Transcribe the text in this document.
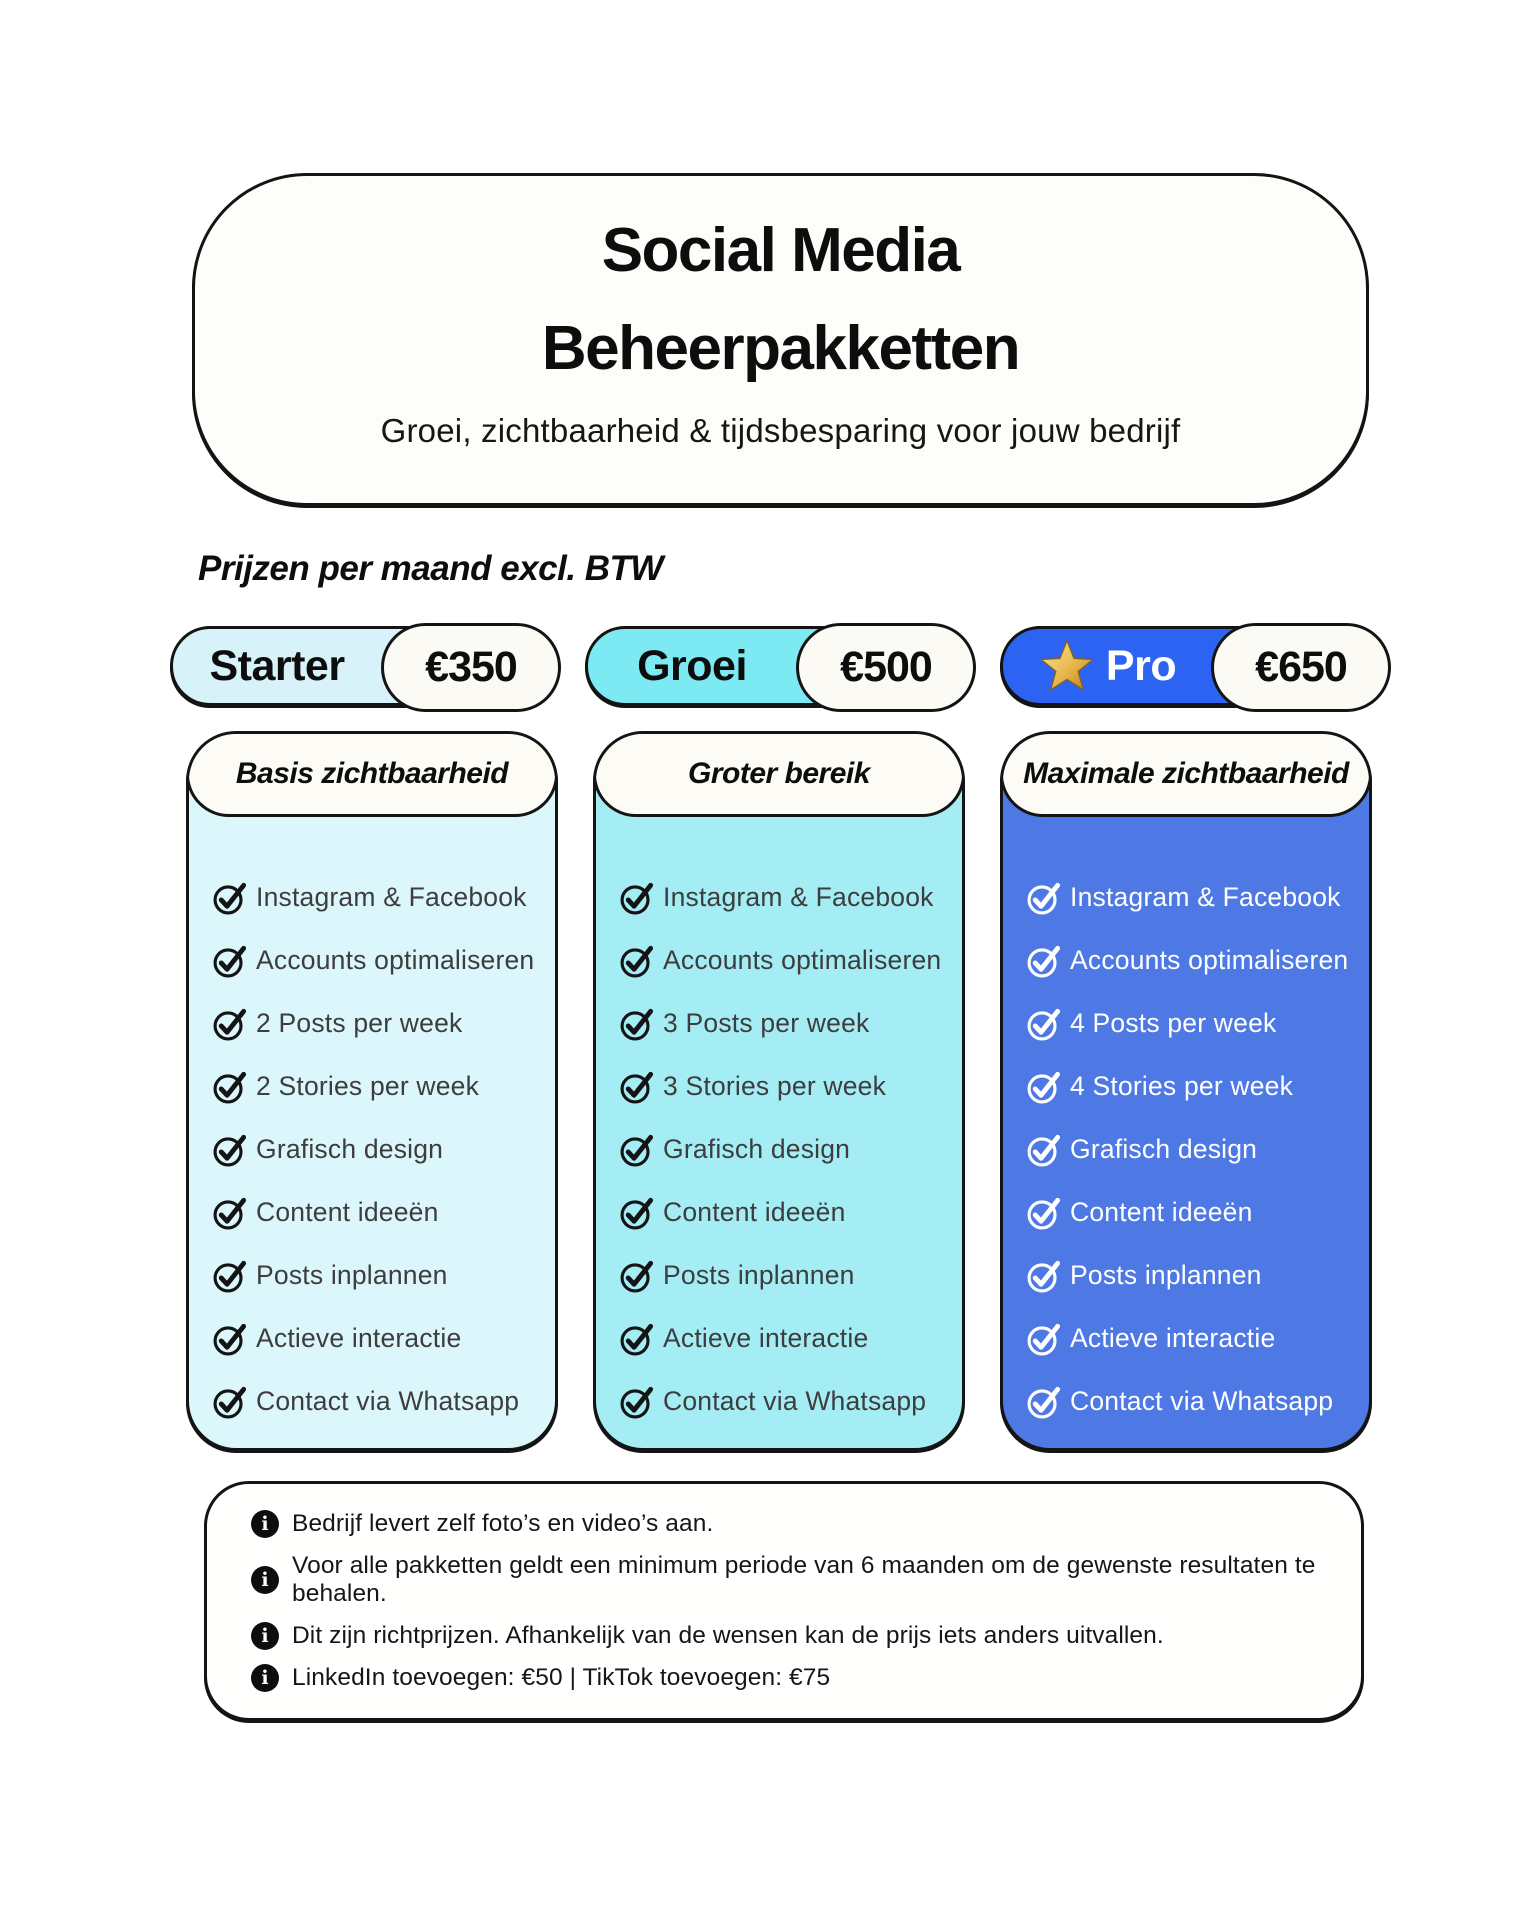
Social Media
Beheerpakketten
Groei, zichtbaarheid & tijdsbesparing voor jouw bedrijf
Prijzen per maand excl. BTW
Starter €350	Groei €500	Pro €650
Basis zichtbaarheid
Instagram & Facebook
Accounts optimaliseren
2 Posts per week
2 Stories per week
Grafisch design
Content ideeën
Posts inplannen
Actieve interactie
Contact via Whatsapp
Groter bereik
Instagram & Facebook
Accounts optimaliseren
3 Posts per week
3 Stories per week
Grafisch design
Content ideeën
Posts inplannen
Actieve interactie
Contact via Whatsapp
Maximale zichtbaarheid
Instagram & Facebook
Accounts optimaliseren
4 Posts per week
4 Stories per week
Grafisch design
Content ideeën
Posts inplannen
Actieve interactie
Contact via Whatsapp
i Bedrijf levert zelf foto’s en video’s aan.
i
Voor alle pakketten geldt een minimum periode van 6 maanden om de gewenste resultaten te behalen.
i Dit zijn richtprijzen. Afhankelijk van de wensen kan de prijs iets anders uitvallen.
i LinkedIn toevoegen: €50 | TikTok toevoegen: €75
